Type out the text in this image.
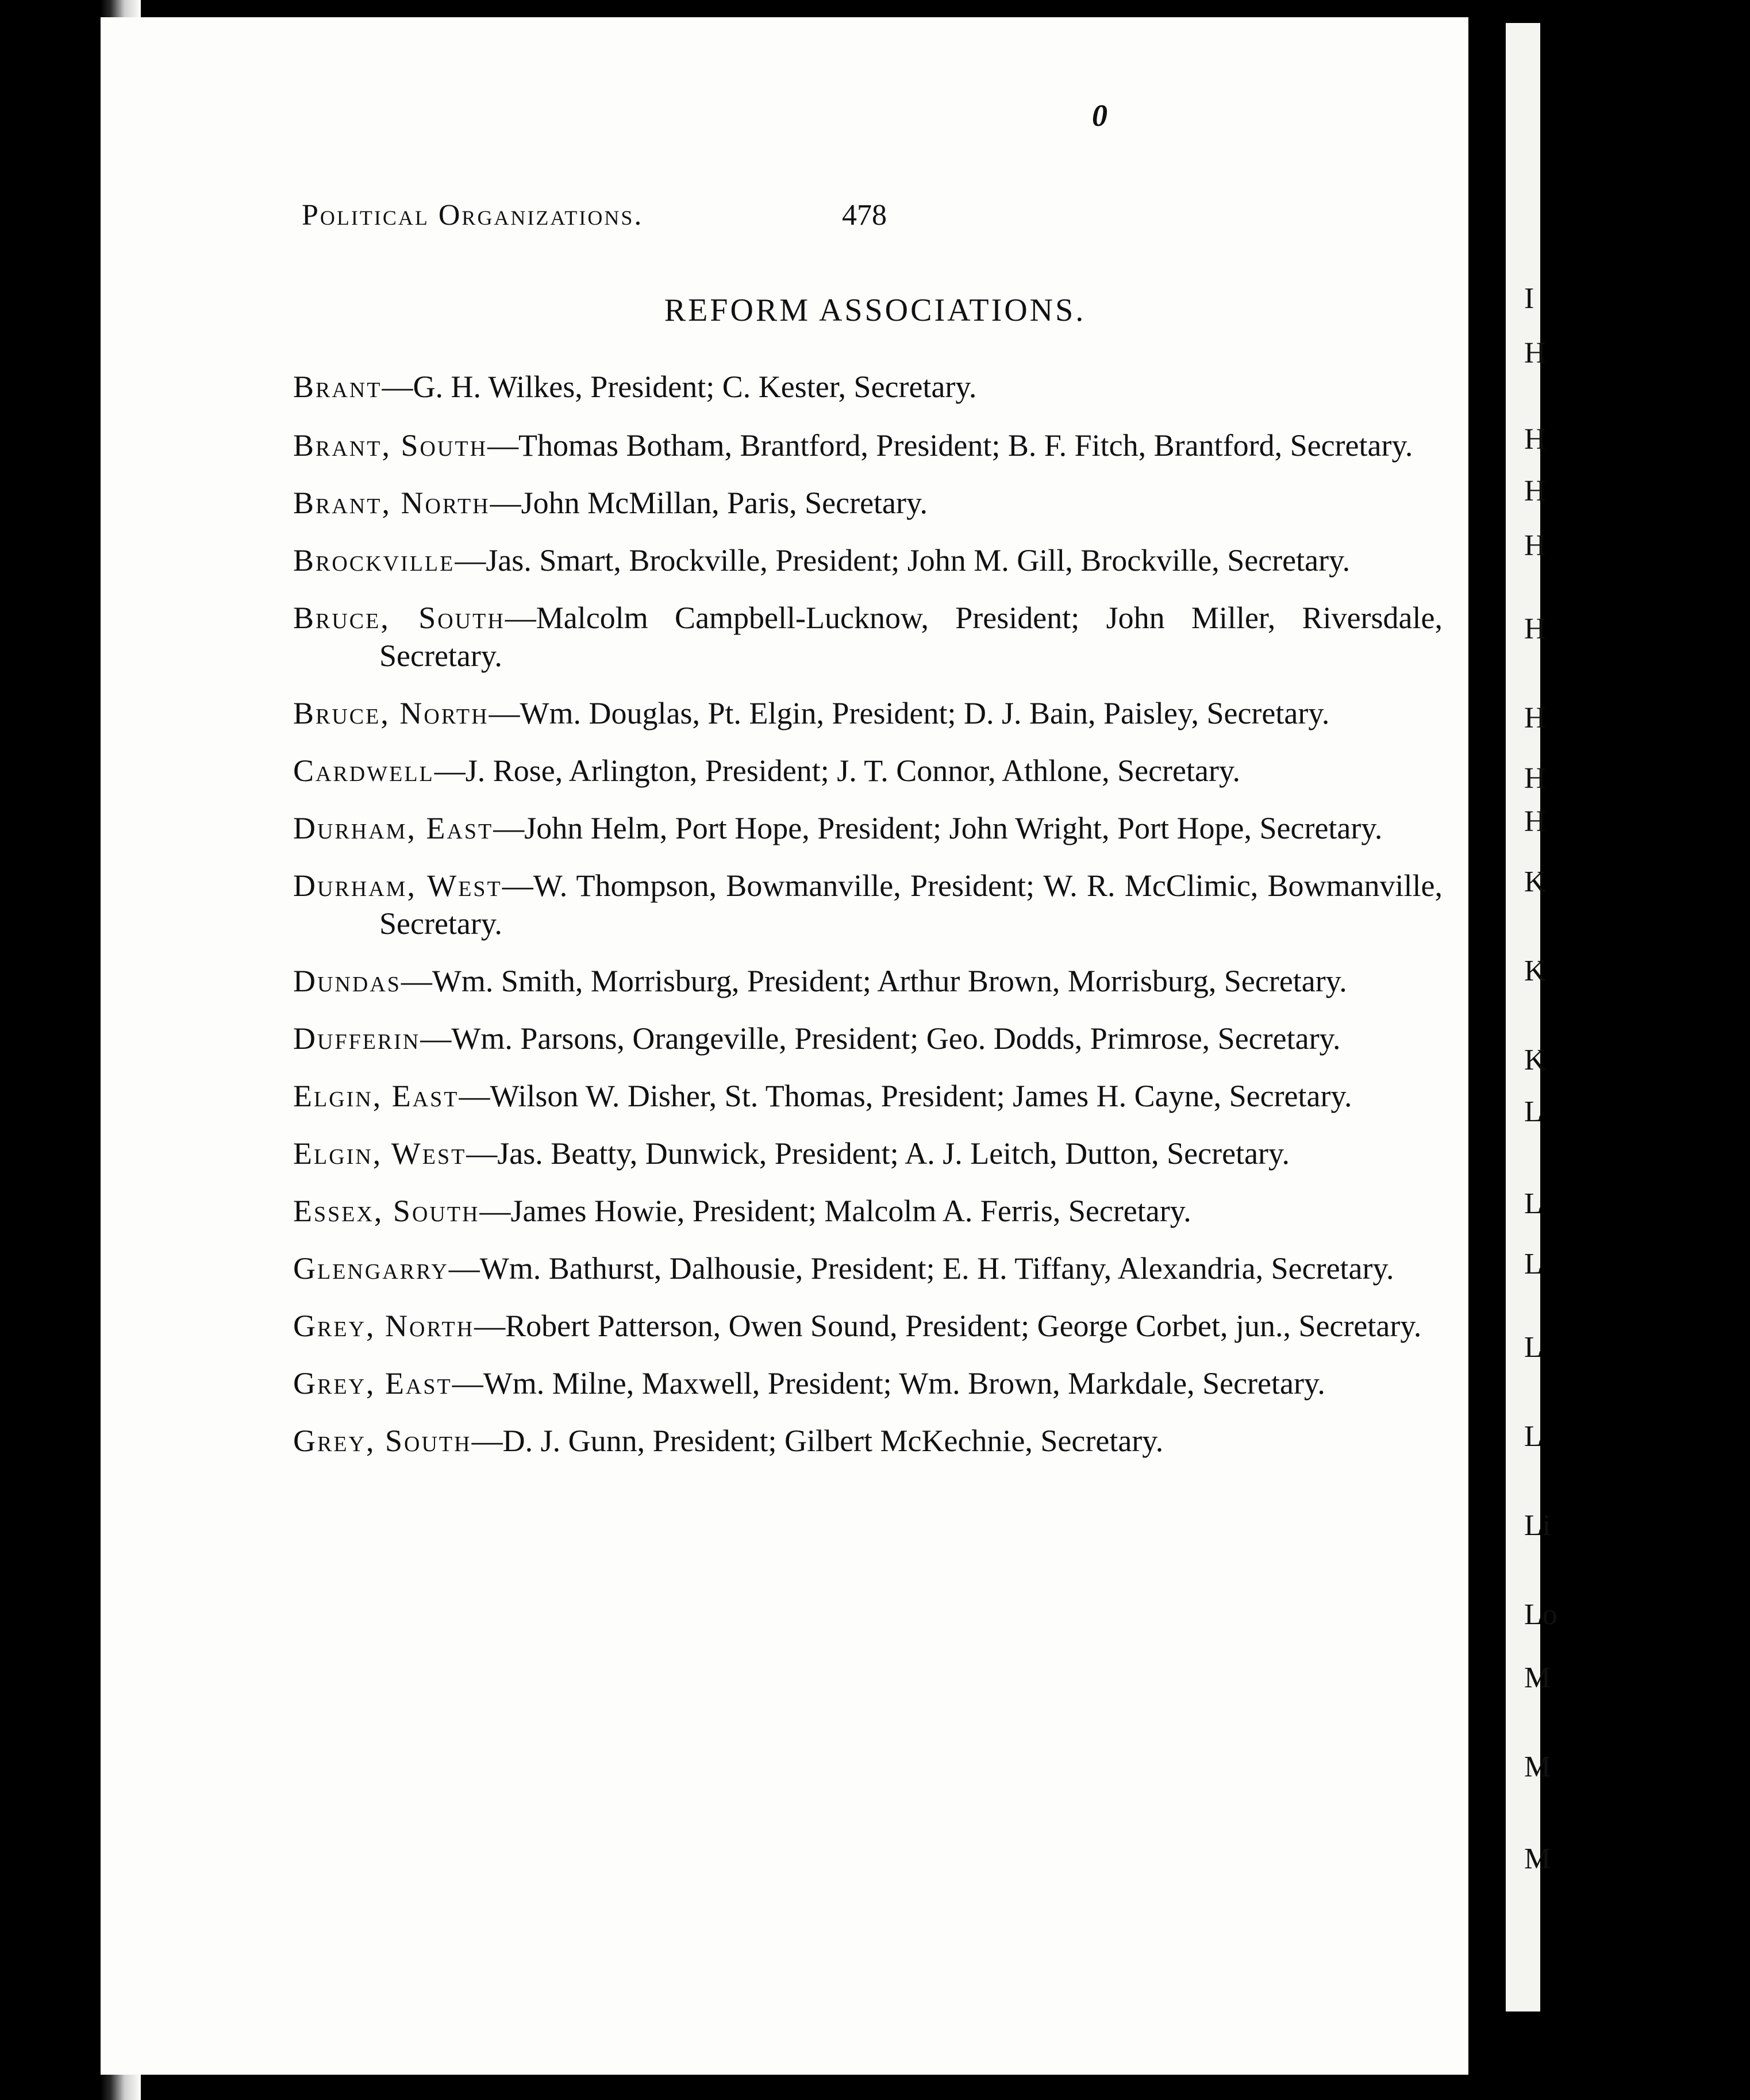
I
H
H
H
H
H
H
H
H
K
K
K
L
L
L
L
L
Li
Lo
M
M
M
0
Political Organizations.	478
REFORM ASSOCIATIONS.
Brant—G. H. Wilkes, President; C. Kester, Secretary.
Brant, South—Thomas Botham, Brantford, President; B. F. Fitch, Brantford, Secretary.
Brant, North—John McMillan, Paris, Secretary.
Brockville—Jas. Smart, Brockville, President; John M. Gill, Brockville, Secretary.
Bruce, South—Malcolm Campbell-Lucknow, President; John Miller, Riversdale, Secretary.
Bruce, North—Wm. Douglas, Pt. Elgin, President; D. J. Bain, Paisley, Secretary.
Cardwell—J. Rose, Arlington, President; J. T. Connor, Athlone, Secretary.
Durham, East—John Helm, Port Hope, President; John Wright, Port Hope, Secretary.
Durham, West—W. Thompson, Bowmanville, President; W. R. McClimic, Bowmanville, Secretary.
Dundas—Wm. Smith, Morrisburg, President; Arthur Brown, Morrisburg, Secretary.
Dufferin—Wm. Parsons, Orangeville, President; Geo. Dodds, Primrose, Secretary.
Elgin, East—Wilson W. Disher, St. Thomas, President; James H. Cayne, Secretary.
Elgin, West—Jas. Beatty, Dunwick, President; A. J. Leitch, Dutton, Secretary.
Essex, South—James Howie, President; Malcolm A. Ferris, Secretary.
Glengarry—Wm. Bathurst, Dalhousie, President; E. H. Tiffany, Alexandria, Secretary.
Grey, North—Robert Patterson, Owen Sound, President; George Corbet, jun., Secretary.
Grey, East—Wm. Milne, Maxwell, President; Wm. Brown, Markdale, Secretary.
Grey, South—D. J. Gunn, President; Gilbert McKechnie, Secretary.
